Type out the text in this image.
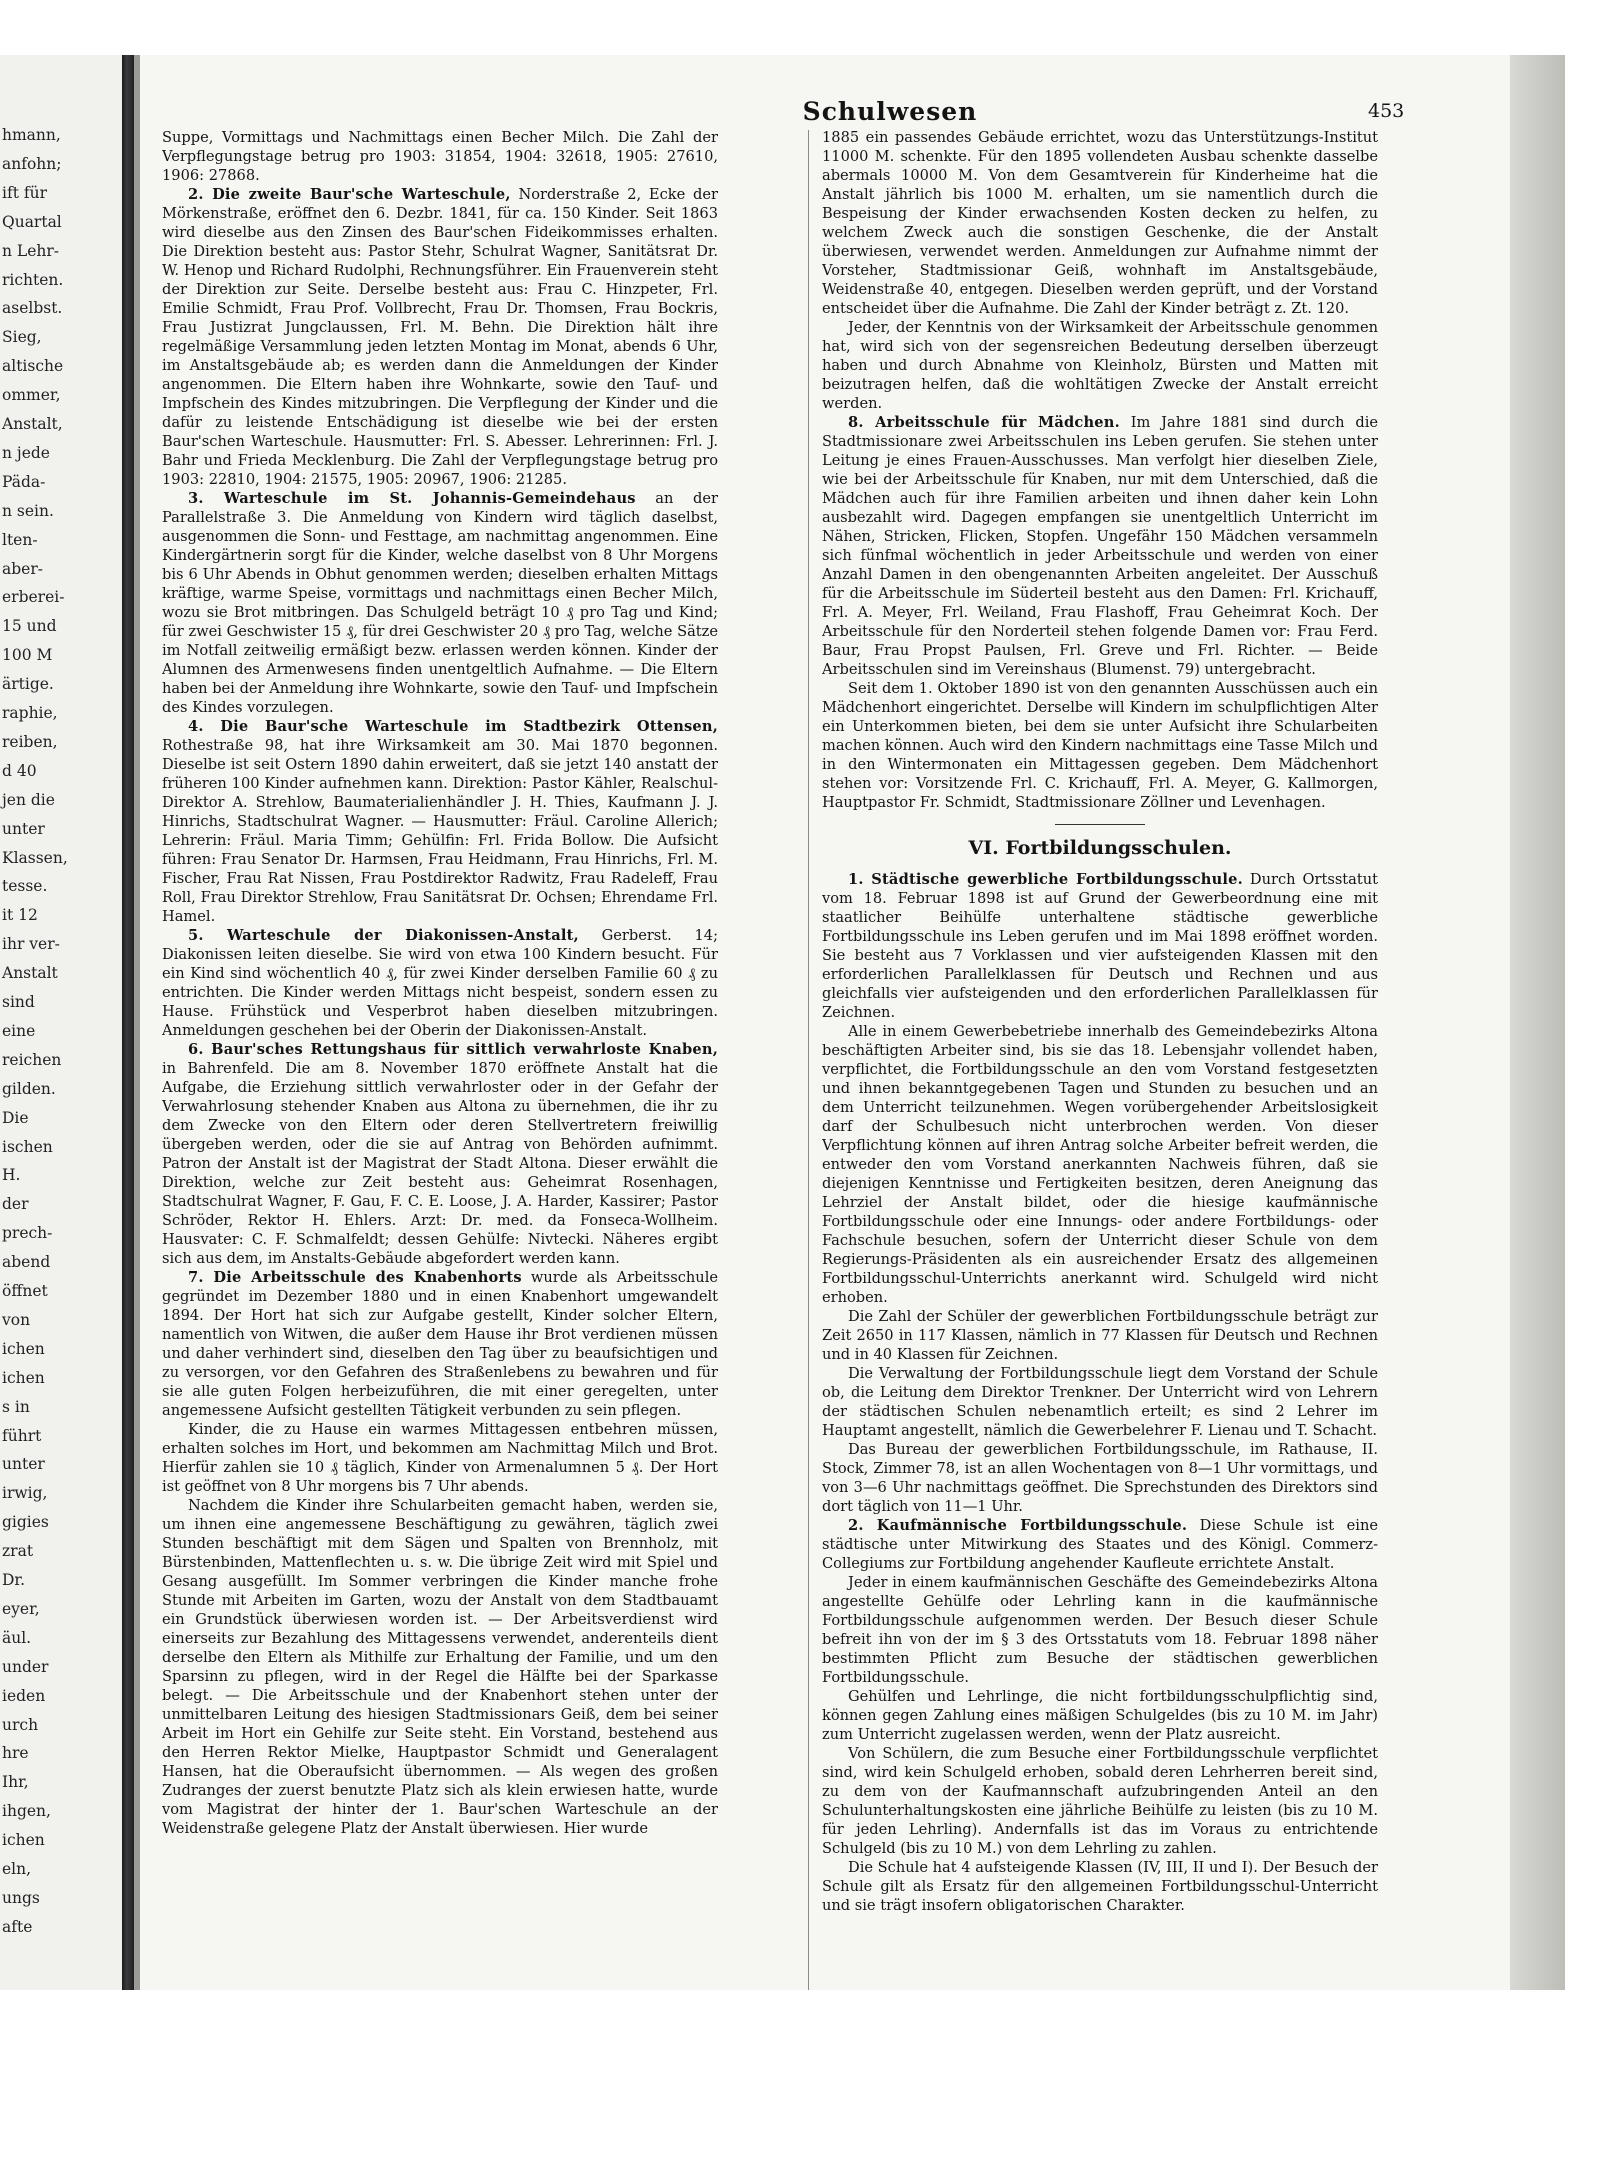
hmann,
anfohn;
ift für
Quartal
n Lehr-
richten.
aselbst.
Sieg,
altische
ommer,
Anstalt,
n jede
Päda-
n sein.
lten-
aber-
erberei-
15 und
100 M
ärtige.
raphie,
reiben,
d 40
jen die
unter
Klassen,
tesse.
it 12
ihr ver-
Anstalt
sind
eine
reichen
gilden.
Die
ischen
H.
der
prech-
abend
öffnet
von
ichen
ichen
s in
führt
unter
irwig,
gigies
zrat
Dr.
eyer,
äul.
under
ieden
urch
hre
Ihr,
ihgen,
ichen
eln,
ungs
afte
Schulwesen	453

Suppe, Vormittags und Nachmittags einen Becher Milch. Die Zahl der Verpflegungstage betrug pro 1903: 31854, 1904: 32618, 1905: 27610, 1906: 27868.

2. Die zweite Baur'sche Warteschule, Norderstraße 2, Ecke der Mörkenstraße, eröffnet den 6. Dezbr. 1841, für ca. 150 Kinder. Seit 1863 wird dieselbe aus den Zinsen des Baur'schen Fideikommisses erhalten. Die Direktion besteht aus: Pastor Stehr, Schulrat Wagner, Sanitätsrat Dr. W. Henop und Richard Rudolphi, Rechnungsführer. Ein Frauenverein steht der Direktion zur Seite. Derselbe besteht aus: Frau C. Hinzpeter, Frl. Emilie Schmidt, Frau Prof. Vollbrecht, Frau Dr. Thomsen, Frau Bockris, Frau Justizrat Jungclaussen, Frl. M. Behn. Die Direktion hält ihre regelmäßige Versammlung jeden letzten Montag im Monat, abends 6 Uhr, im Anstaltsgebäude ab; es werden dann die Anmeldungen der Kinder angenommen. Die Eltern haben ihre Wohnkarte, sowie den Tauf- und Impfschein des Kindes mitzubringen. Die Verpflegung der Kinder und die dafür zu leistende Entschädigung ist dieselbe wie bei der ersten Baur'schen Warteschule. Hausmutter: Frl. S. Abesser. Lehrerinnen: Frl. J. Bahr und Frieda Mecklenburg. Die Zahl der Verpflegungstage betrug pro 1903: 22810, 1904: 21575, 1905: 20967, 1906: 21285.

3. Warteschule im St. Johannis-Gemeindehaus an der Parallelstraße 3. Die Anmeldung von Kindern wird täglich daselbst, ausgenommen die Sonn- und Festtage, am nachmittag angenommen. Eine Kindergärtnerin sorgt für die Kinder, welche daselbst von 8 Uhr Morgens bis 6 Uhr Abends in Obhut genommen werden; dieselben erhalten Mittags kräftige, warme Speise, vormittags und nachmittags einen Becher Milch, wozu sie Brot mitbringen. Das Schulgeld beträgt 10 ₰ pro Tag und Kind; für zwei Geschwister 15 ₰, für drei Geschwister 20 ₰ pro Tag, welche Sätze im Notfall zeitweilig ermäßigt bezw. erlassen werden können. Kinder der Alumnen des Armenwesens finden unentgeltlich Aufnahme. — Die Eltern haben bei der Anmeldung ihre Wohnkarte, sowie den Tauf- und Impfschein des Kindes vorzulegen.

4. Die Baur'sche Warteschule im Stadtbezirk Ottensen, Rothestraße 98, hat ihre Wirksamkeit am 30. Mai 1870 begonnen. Dieselbe ist seit Ostern 1890 dahin erweitert, daß sie jetzt 140 anstatt der früheren 100 Kinder aufnehmen kann. Direktion: Pastor Kähler, Realschul-Direktor A. Strehlow, Baumaterialienhändler J. H. Thies, Kaufmann J. J. Hinrichs, Stadtschulrat Wagner. — Hausmutter: Fräul. Caroline Allerich; Lehrerin: Fräul. Maria Timm; Gehülfin: Frl. Frida Bollow. Die Aufsicht führen: Frau Senator Dr. Harmsen, Frau Heidmann, Frau Hinrichs, Frl. M. Fischer, Frau Rat Nissen, Frau Postdirektor Radwitz, Frau Radeleff, Frau Roll, Frau Direktor Strehlow, Frau Sanitätsrat Dr. Ochsen; Ehrendame Frl. Hamel.

5. Warteschule der Diakonissen-Anstalt, Gerberst. 14; Diakonissen leiten dieselbe. Sie wird von etwa 100 Kindern besucht. Für ein Kind sind wöchentlich 40 ₰, für zwei Kinder derselben Familie 60 ₰ zu entrichten. Die Kinder werden Mittags nicht bespeist, sondern essen zu Hause. Frühstück und Vesperbrot haben dieselben mitzubringen. Anmeldungen geschehen bei der Oberin der Diakonissen-Anstalt.

6. Baur'sches Rettungshaus für sittlich verwahrloste Knaben, in Bahrenfeld. Die am 8. November 1870 eröffnete Anstalt hat die Aufgabe, die Erziehung sittlich verwahrloster oder in der Gefahr der Verwahrlosung stehender Knaben aus Altona zu übernehmen, die ihr zu dem Zwecke von den Eltern oder deren Stellvertretern freiwillig übergeben werden, oder die sie auf Antrag von Behörden aufnimmt. Patron der Anstalt ist der Magistrat der Stadt Altona. Dieser erwählt die Direktion, welche zur Zeit besteht aus: Geheimrat Rosenhagen, Stadtschulrat Wagner, F. Gau, F. C. E. Loose, J. A. Harder, Kassirer; Pastor Schröder, Rektor H. Ehlers. Arzt: Dr. med. da Fonseca-Wollheim. Hausvater: C. F. Schmalfeldt; dessen Gehülfe: Nivtecki. Näheres ergibt sich aus dem, im Anstalts-Gebäude abgefordert werden kann.

7. Die Arbeitsschule des Knabenhorts wurde als Arbeitsschule gegründet im Dezember 1880 und in einen Knabenhort umgewandelt 1894. Der Hort hat sich zur Aufgabe gestellt, Kinder solcher Eltern, namentlich von Witwen, die außer dem Hause ihr Brot verdienen müssen und daher verhindert sind, dieselben den Tag über zu beaufsichtigen und zu versorgen, vor den Gefahren des Straßenlebens zu bewahren und für sie alle guten Folgen herbeizuführen, die mit einer geregelten, unter angemessene Aufsicht gestellten Tätigkeit verbunden zu sein pflegen.

Kinder, die zu Hause ein warmes Mittagessen entbehren müssen, erhalten solches im Hort, und bekommen am Nachmittag Milch und Brot. Hierfür zahlen sie 10 ₰ täglich, Kinder von Armenalumnen 5 ₰. Der Hort ist geöffnet von 8 Uhr morgens bis 7 Uhr abends.

Nachdem die Kinder ihre Schularbeiten gemacht haben, werden sie, um ihnen eine angemessene Beschäftigung zu gewähren, täglich zwei Stunden beschäftigt mit dem Sägen und Spalten von Brennholz, mit Bürstenbinden, Mattenflechten u. s. w. Die übrige Zeit wird mit Spiel und Gesang ausgefüllt. Im Sommer verbringen die Kinder manche frohe Stunde mit Arbeiten im Garten, wozu der Anstalt von dem Stadtbauamt ein Grundstück überwiesen worden ist. — Der Arbeitsverdienst wird einerseits zur Bezahlung des Mittagessens verwendet, anderenteils dient derselbe den Eltern als Mithilfe zur Erhaltung der Familie, und um den Sparsinn zu pflegen, wird in der Regel die Hälfte bei der Sparkasse belegt. — Die Arbeitsschule und der Knabenhort stehen unter der unmittelbaren Leitung des hiesigen Stadtmissionars Geiß, dem bei seiner Arbeit im Hort ein Gehilfe zur Seite steht. Ein Vorstand, bestehend aus den Herren Rektor Mielke, Hauptpastor Schmidt und Generalagent Hansen, hat die Oberaufsicht übernommen. — Als wegen des großen Zudranges der zuerst benutzte Platz sich als klein erwiesen hatte, wurde vom Magistrat der hinter der 1. Baur'schen Warteschule an der Weidenstraße gelegene Platz der Anstalt überwiesen. Hier wurde

1885 ein passendes Gebäude errichtet, wozu das Unterstützungs-Institut 11000 M. schenkte. Für den 1895 vollendeten Ausbau schenkte dasselbe abermals 10000 M. Von dem Gesamtverein für Kinderheime hat die Anstalt jährlich bis 1000 M. erhalten, um sie namentlich durch die Bespeisung der Kinder erwachsenden Kosten decken zu helfen, zu welchem Zweck auch die sonstigen Geschenke, die der Anstalt überwiesen, verwendet werden. Anmeldungen zur Aufnahme nimmt der Vorsteher, Stadtmissionar Geiß, wohnhaft im Anstaltsgebäude, Weidenstraße 40, entgegen. Dieselben werden geprüft, und der Vorstand entscheidet über die Aufnahme. Die Zahl der Kinder beträgt z. Zt. 120.

Jeder, der Kenntnis von der Wirksamkeit der Arbeitsschule genommen hat, wird sich von der segensreichen Bedeutung derselben überzeugt haben und durch Abnahme von Kleinholz, Bürsten und Matten mit beizutragen helfen, daß die wohltätigen Zwecke der Anstalt erreicht werden.

8. Arbeitsschule für Mädchen. Im Jahre 1881 sind durch die Stadtmissionare zwei Arbeitsschulen ins Leben gerufen. Sie stehen unter Leitung je eines Frauen-Ausschusses. Man verfolgt hier dieselben Ziele, wie bei der Arbeitsschule für Knaben, nur mit dem Unterschied, daß die Mädchen auch für ihre Familien arbeiten und ihnen daher kein Lohn ausbezahlt wird. Dagegen empfangen sie unentgeltlich Unterricht im Nähen, Stricken, Flicken, Stopfen. Ungefähr 150 Mädchen versammeln sich fünfmal wöchentlich in jeder Arbeitsschule und werden von einer Anzahl Damen in den obengenannten Arbeiten angeleitet. Der Ausschuß für die Arbeitsschule im Süderteil besteht aus den Damen: Frl. Krichauff, Frl. A. Meyer, Frl. Weiland, Frau Flashoff, Frau Geheimrat Koch. Der Arbeitsschule für den Norderteil stehen folgende Damen vor: Frau Ferd. Baur, Frau Propst Paulsen, Frl. Greve und Frl. Richter. — Beide Arbeitsschulen sind im Vereinshaus (Blumenst. 79) untergebracht.

Seit dem 1. Oktober 1890 ist von den genannten Ausschüssen auch ein Mädchenhort eingerichtet. Derselbe will Kindern im schulpflichtigen Alter ein Unterkommen bieten, bei dem sie unter Aufsicht ihre Schularbeiten machen können. Auch wird den Kindern nachmittags eine Tasse Milch und in den Wintermonaten ein Mittagessen gegeben. Dem Mädchenhort stehen vor: Vorsitzende Frl. C. Krichauff, Frl. A. Meyer, G. Kallmorgen, Hauptpastor Fr. Schmidt, Stadtmissionare Zöllner und Levenhagen.

VI. Fortbildungsschulen.

1. Städtische gewerbliche Fortbildungsschule. Durch Ortsstatut vom 18. Februar 1898 ist auf Grund der Gewerbeordnung eine mit staatlicher Beihülfe unterhaltene städtische gewerbliche Fortbildungsschule ins Leben gerufen und im Mai 1898 eröffnet worden. Sie besteht aus 7 Vorklassen und vier aufsteigenden Klassen mit den erforderlichen Parallelklassen für Deutsch und Rechnen und aus gleichfalls vier aufsteigenden und den erforderlichen Parallelklassen für Zeichnen.

Alle in einem Gewerbebetriebe innerhalb des Gemeindebezirks Altona beschäftigten Arbeiter sind, bis sie das 18. Lebensjahr vollendet haben, verpflichtet, die Fortbildungsschule an den vom Vorstand festgesetzten und ihnen bekanntgegebenen Tagen und Stunden zu besuchen und an dem Unterricht teilzunehmen. Wegen vorübergehender Arbeitslosigkeit darf der Schulbesuch nicht unterbrochen werden. Von dieser Verpflichtung können auf ihren Antrag solche Arbeiter befreit werden, die entweder den vom Vorstand anerkannten Nachweis führen, daß sie diejenigen Kenntnisse und Fertigkeiten besitzen, deren Aneignung das Lehrziel der Anstalt bildet, oder die hiesige kaufmännische Fortbildungsschule oder eine Innungs- oder andere Fortbildungs- oder Fachschule besuchen, sofern der Unterricht dieser Schule von dem Regierungs-Präsidenten als ein ausreichender Ersatz des allgemeinen Fortbildungsschul-Unterrichts anerkannt wird. Schulgeld wird nicht erhoben.

Die Zahl der Schüler der gewerblichen Fortbildungsschule beträgt zur Zeit 2650 in 117 Klassen, nämlich in 77 Klassen für Deutsch und Rechnen und in 40 Klassen für Zeichnen.

Die Verwaltung der Fortbildungsschule liegt dem Vorstand der Schule ob, die Leitung dem Direktor Trenkner. Der Unterricht wird von Lehrern der städtischen Schulen nebenamtlich erteilt; es sind 2 Lehrer im Hauptamt angestellt, nämlich die Gewerbelehrer F. Lienau und T. Schacht.

Das Bureau der gewerblichen Fortbildungsschule, im Rathause, II. Stock, Zimmer 78, ist an allen Wochentagen von 8—1 Uhr vormittags, und von 3—6 Uhr nachmittags geöffnet. Die Sprechstunden des Direktors sind dort täglich von 11—1 Uhr.

2. Kaufmännische Fortbildungsschule. Diese Schule ist eine städtische unter Mitwirkung des Staates und des Königl. Commerz-Collegiums zur Fortbildung angehender Kaufleute errichtete Anstalt.

Jeder in einem kaufmännischen Geschäfte des Gemeindebezirks Altona angestellte Gehülfe oder Lehrling kann in die kaufmännische Fortbildungsschule aufgenommen werden. Der Besuch dieser Schule befreit ihn von der im § 3 des Ortsstatuts vom 18. Februar 1898 näher bestimmten Pflicht zum Besuche der städtischen gewerblichen Fortbildungsschule.

Gehülfen und Lehrlinge, die nicht fortbildungsschulpflichtig sind, können gegen Zahlung eines mäßigen Schulgeldes (bis zu 10 M. im Jahr) zum Unterricht zugelassen werden, wenn der Platz ausreicht.

Von Schülern, die zum Besuche einer Fortbildungsschule verpflichtet sind, wird kein Schulgeld erhoben, sobald deren Lehrherren bereit sind, zu dem von der Kaufmannschaft aufzubringenden Anteil an den Schulunterhaltungskosten eine jährliche Beihülfe zu leisten (bis zu 10 M. für jeden Lehrling). Andernfalls ist das im Voraus zu entrichtende Schulgeld (bis zu 10 M.) von dem Lehrling zu zahlen.

Die Schule hat 4 aufsteigende Klassen (IV, III, II und I). Der Besuch der Schule gilt als Ersatz für den allgemeinen Fortbildungsschul-Unterricht und sie trägt insofern obligatorischen Charakter.
